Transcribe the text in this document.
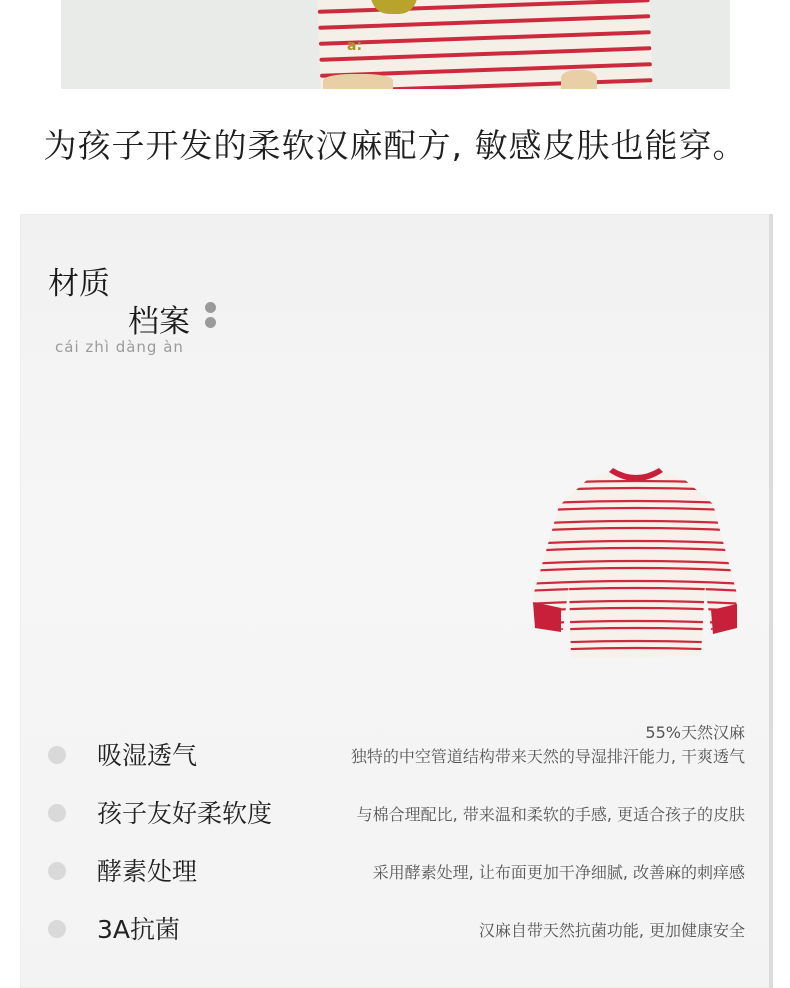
a:
为孩子开发的柔软汉麻配方, 敏感皮肤也能穿。
材质
档案
cái zhì dàng àn
55%天然汉麻
吸湿透气	独特的中空管道结构带来天然的导湿排汗能力, 干爽透气
孩子友好柔软度	与棉合理配比, 带来温和柔软的手感, 更适合孩子的皮肤
酵素处理	采用酵素处理, 让布面更加干净细腻, 改善麻的刺痒感
3A抗菌	汉麻自带天然抗菌功能, 更加健康安全
